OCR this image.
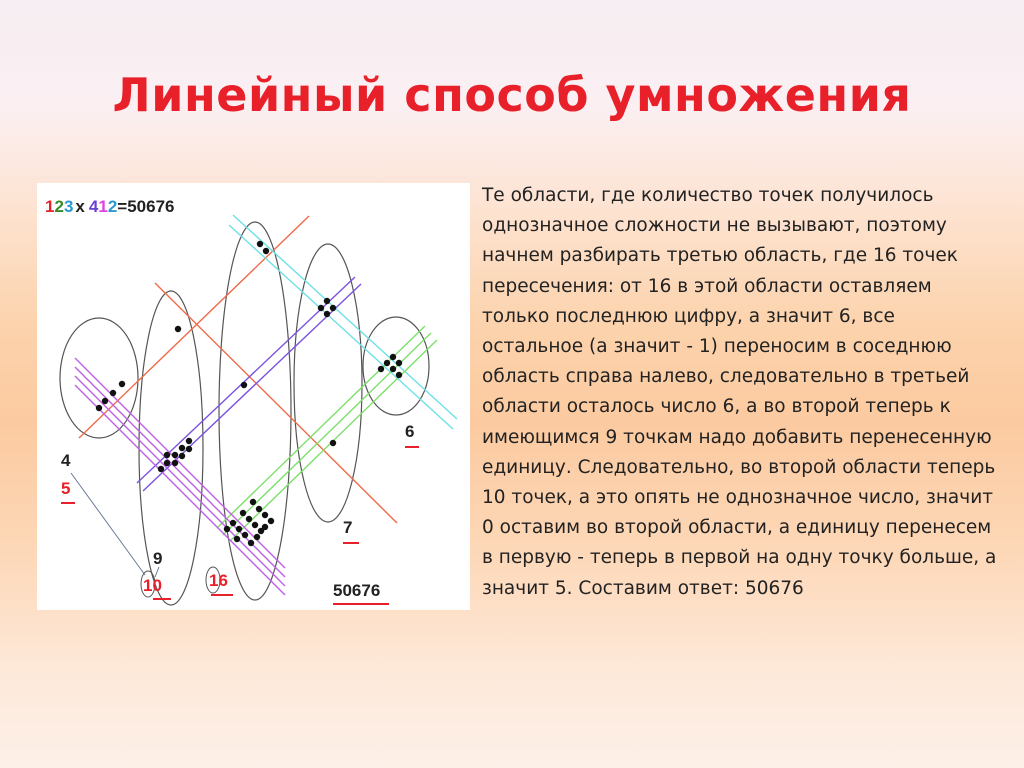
Линейный способ умножения
123 x 412=50676
4
5
9
10	16
7
6
50676
Те области, где количество точек получилось однозначное сложности не вызывают, поэтому начнем разбирать третью область, где 16 точек пересечения: от 16 в этой области оставляем только последнюю цифру, а значит 6, все остальное (а значит - 1) переносим в соседнюю область справа налево, следовательно в третьей области осталось число 6, а во второй теперь к имеющимся 9 точкам надо добавить перенесенную единицу. Следовательно, во второй области теперь 10 точек, а это опять не однозначное число, значит 0 оставим во второй области, а единицу перенесем в первую - теперь в первой на одну точку больше, а значит 5. Составим ответ: 50676
